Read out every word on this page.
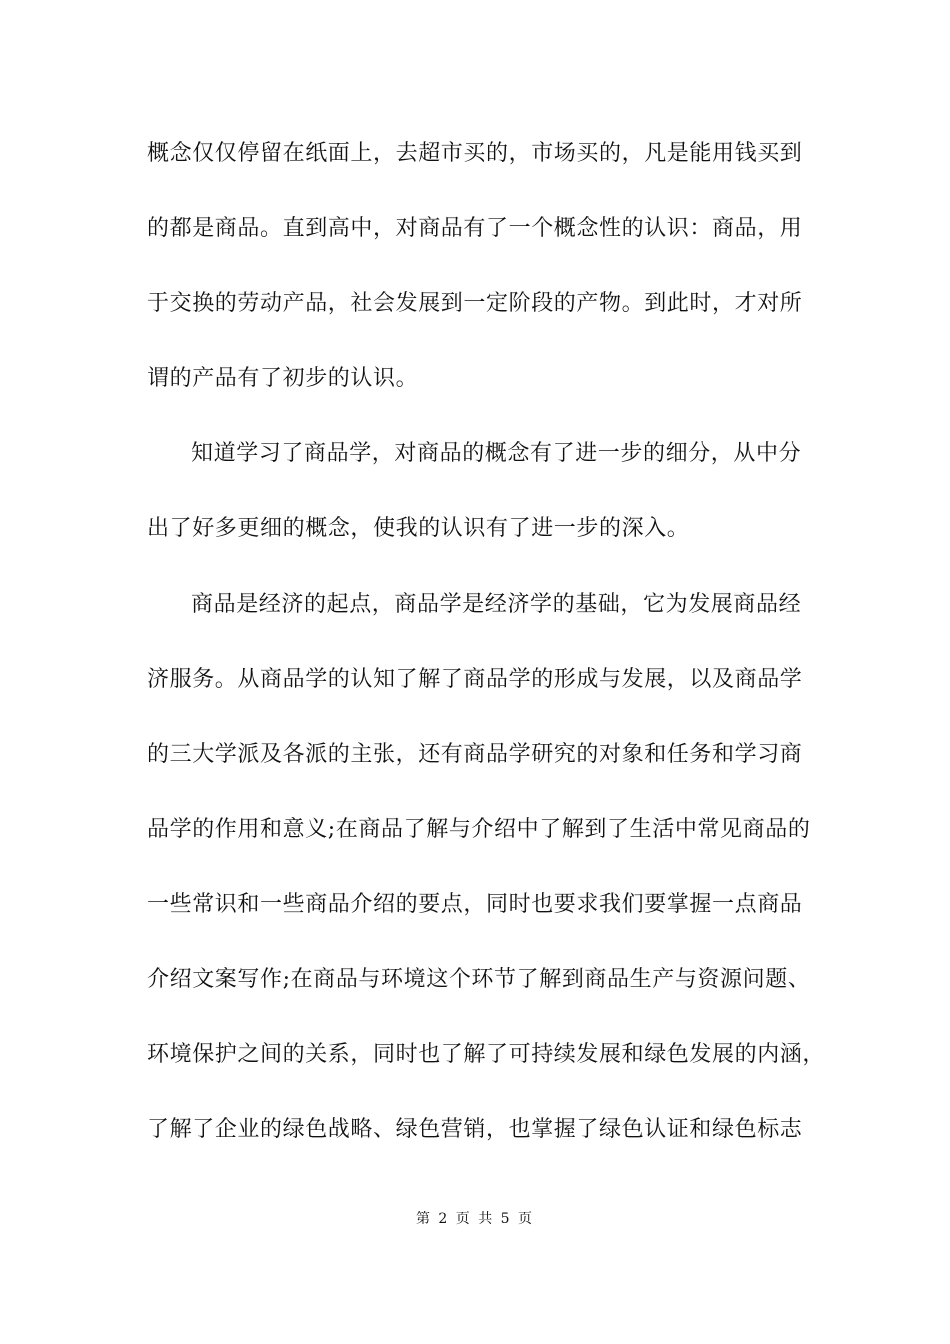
概念仅仅停留在纸面上，去超市买的，市场买的，凡是能用钱买到
的都是商品。直到高中，对商品有了一个概念性的认识：商品，用
于交换的劳动产品，社会发展到一定阶段的产物。到此时，才对所
谓的产品有了初步的认识。
知道学习了商品学，对商品的概念有了进一步的细分，从中分
出了好多更细的概念，使我的认识有了进一步的深入。
商品是经济的起点，商品学是经济学的基础，它为发展商品经
济服务。从商品学的认知了解了商品学的形成与发展，以及商品学
的三大学派及各派的主张，还有商品学研究的对象和任务和学习商
品学的作用和意义;在商品了解与介绍中了解到了生活中常见商品的
一些常识和一些商品介绍的要点，同时也要求我们要掌握一点商品
介绍文案写作;在商品与环境这个环节了解到商品生产与资源问题、
环境保护之间的关系，同时也了解了可持续发展和绿色发展的内涵，
了解了企业的绿色战略、绿色营销，也掌握了绿色认证和绿色标志
第 2 页 共 5 页
